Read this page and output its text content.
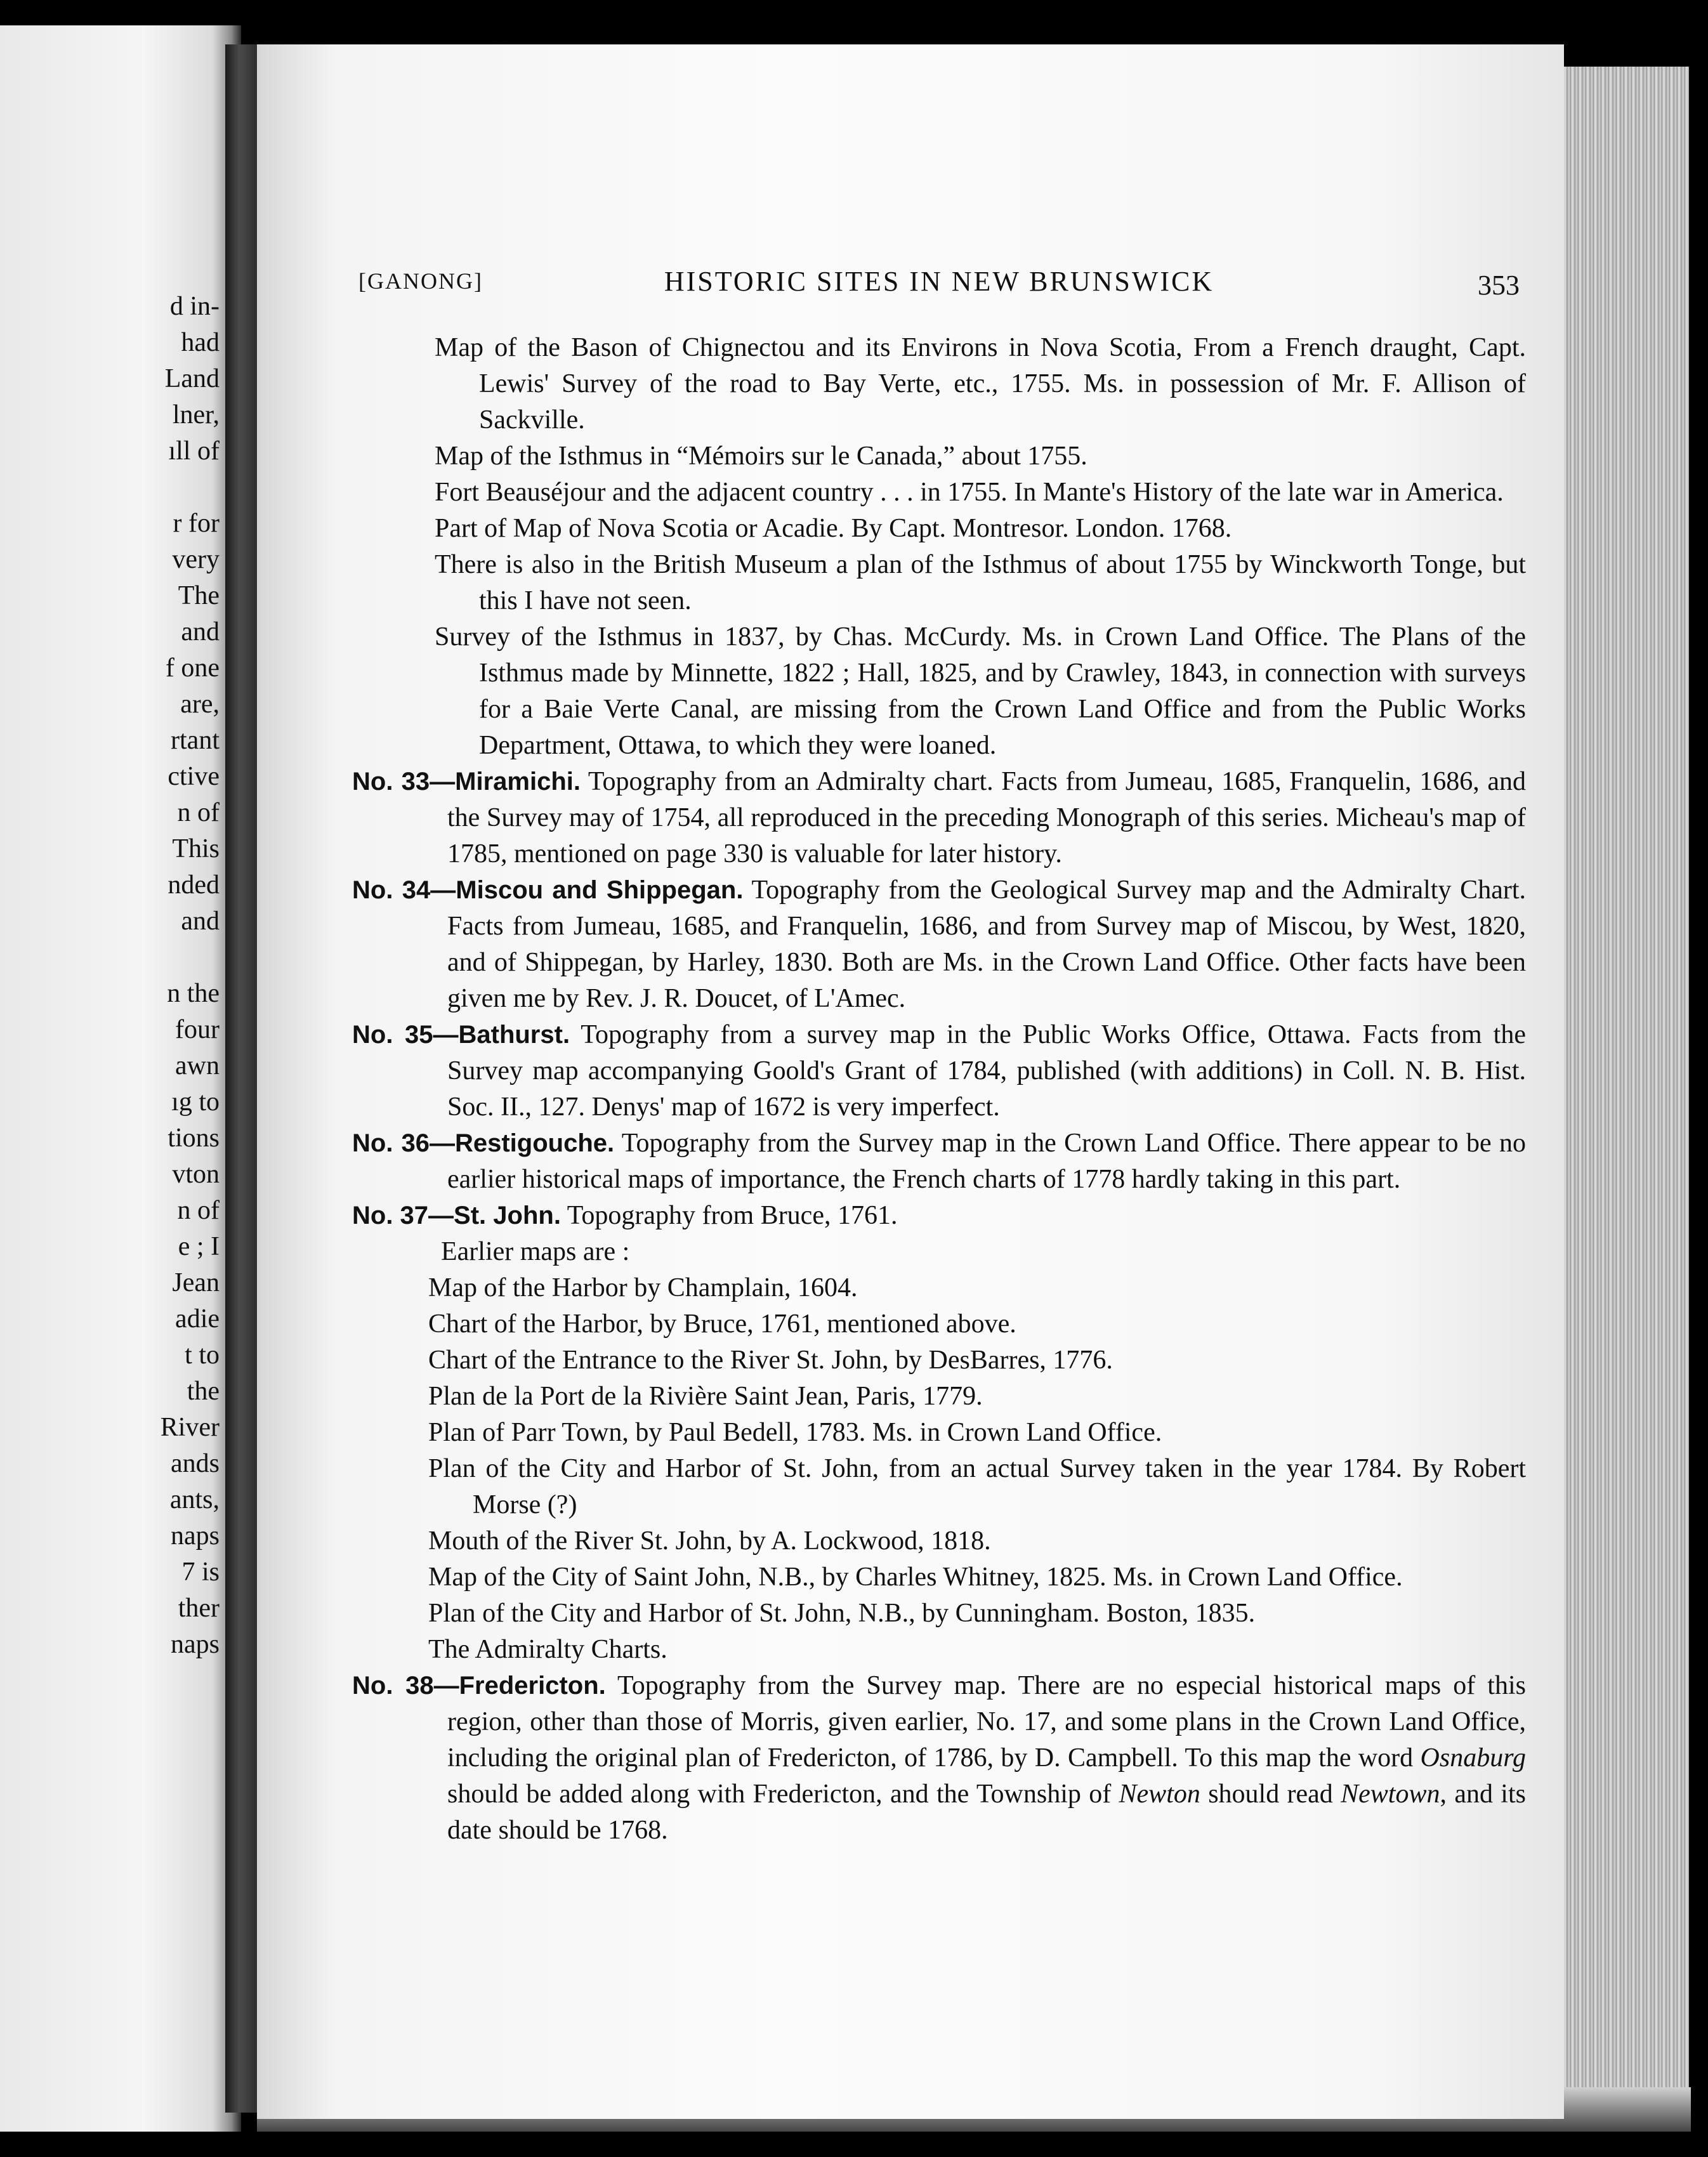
d in-
had
Land
lner,
ıll of
r for
very
The
and
f one
are,
rtant
ctive
n of
This
nded
and
n the
four
awn
ıg to
tions
vton
n of
e ; I
Jean
adie
t to
the
River
ands
ants,
naps
7 is
ther
naps
[GANONG]	HISTORIC SITES IN NEW BRUNSWICK	353

Map of the Bason of Chignectou and its Environs in Nova Scotia, From a French draught, Capt. Lewis' Survey of the road to Bay Verte, etc., 1755. Ms. in possession of Mr. F. Allison of Sackville.

Map of the Isthmus in “Mémoirs sur le Canada,” about 1755.

Fort Beauséjour and the adjacent country . . . in 1755. In Mante's History of the late war in America.

Part of Map of Nova Scotia or Acadie. By Capt. Montresor. London. 1768.

There is also in the British Museum a plan of the Isthmus of about 1755 by Winckworth Tonge, but this I have not seen.

Survey of the Isthmus in 1837, by Chas. McCurdy. Ms. in Crown Land Office. The Plans of the Isthmus made by Minnette, 1822 ; Hall, 1825, and by Crawley, 1843, in connection with surveys for a Baie Verte Canal, are missing from the Crown Land Office and from the Public Works Department, Ottawa, to which they were loaned.

No. 33—Miramichi. Topography from an Admiralty chart. Facts from Jumeau, 1685, Franquelin, 1686, and the Survey may of 1754, all reproduced in the preceding Monograph of this series. Micheau's map of 1785, mentioned on page 330 is valuable for later history.

No. 34—Miscou and Shippegan. Topography from the Geological Survey map and the Admiralty Chart. Facts from Jumeau, 1685, and Franquelin, 1686, and from Survey map of Miscou, by West, 1820, and of Shippegan, by Harley, 1830. Both are Ms. in the Crown Land Office. Other facts have been given me by Rev. J. R. Doucet, of L'Amec.

No. 35—Bathurst. Topography from a survey map in the Public Works Office, Ottawa. Facts from the Survey map accompanying Goold's Grant of 1784, published (with additions) in Coll. N. B. Hist. Soc. II., 127. Denys' map of 1672 is very imperfect.

No. 36—Restigouche. Topography from the Survey map in the Crown Land Office. There appear to be no earlier historical maps of importance, the French charts of 1778 hardly taking in this part.

No. 37—St. John. Topography from Bruce, 1761.

Earlier maps are :

Map of the Harbor by Champlain, 1604.

Chart of the Harbor, by Bruce, 1761, mentioned above.

Chart of the Entrance to the River St. John, by DesBarres, 1776.

Plan de la Port de la Rivière Saint Jean, Paris, 1779.

Plan of Parr Town, by Paul Bedell, 1783. Ms. in Crown Land Office.

Plan of the City and Harbor of St. John, from an actual Survey taken in the year 1784. By Robert Morse (?)

Mouth of the River St. John, by A. Lockwood, 1818.

Map of the City of Saint John, N.B., by Charles Whitney, 1825. Ms. in Crown Land Office.

Plan of the City and Harbor of St. John, N.B., by Cunningham. Boston, 1835.

The Admiralty Charts.

No. 38—Fredericton. Topography from the Survey map. There are no especial historical maps of this region, other than those of Morris, given earlier, No. 17, and some plans in the Crown Land Office, including the original plan of Fredericton, of 1786, by D. Campbell. To this map the word Osnaburg should be added along with Fredericton, and the Township of Newton should read Newtown, and its date should be 1768.
